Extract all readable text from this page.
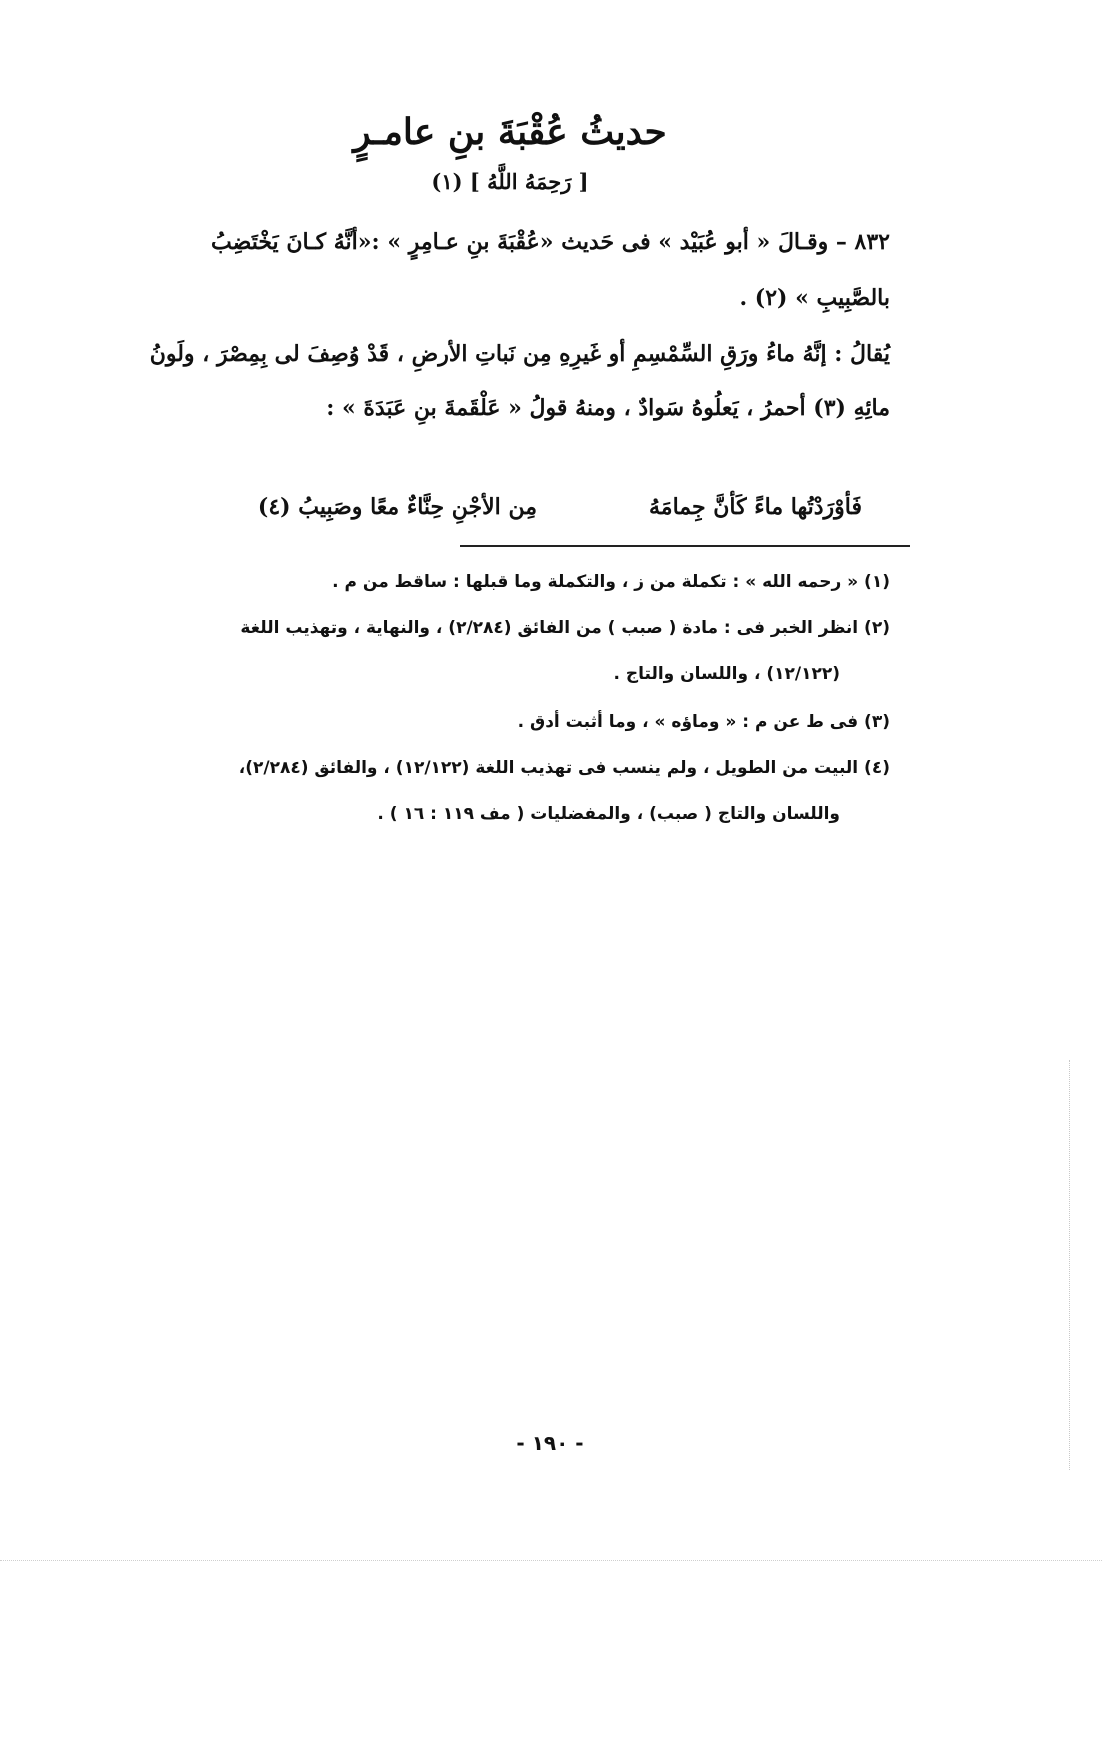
حديثُ عُقْبَةَ بنِ عامـرٍ
[ رَحِمَهُ اللَّهُ ] (١)
٨٣٢ – وقـالَ « أبو عُبَيْد » فى حَديث «عُقْبَةَ بنِ عـامِرٍ » :«أنَّهُ كـانَ يَخْتَضِبُ
بالصَّبِيبِ » (٢) .
يُقالُ : إنَّهُ ماءُ ورَقِ السِّمْسِمِ أو غَيرِهِ مِن نَباتِ الأرضِ ، قَدْ وُصِفَ لى بِمِصْرَ ، ولَونُ
مائِهِ (٣) أحمرُ ، يَعلُوهُ سَوادٌ ، ومنهُ قولُ « عَلْقَمةَ بنِ عَبَدَةَ » :
فَأوْرَدْتُها ماءً كَأنَّ جِمامَهُ
مِن الأجْنِ حِنَّاءٌ معًا وصَبِيبُ (٤)
(١) « رحمه الله » : تكملة من ز ، والتكملة وما قبلها : ساقط من م .
(٢) انظر الخبر فى : مادة ( صبب ) من الفائق (٢/٢٨٤) ، والنهاية ، وتهذيب اللغة
(١٢/١٢٢) ، واللسان والتاج .
(٣) فى ط عن م : « وماؤه » ، وما أثبت أدق .
(٤) البيت من الطويل ، ولم ينسب فى تهذيب اللغة (١٢/١٢٢) ، والفائق (٢/٢٨٤)،
واللسان والتاج ( صبب) ، والمفضليات ( مف ١١٩ : ١٦ ) .
- ١٩٠ -
